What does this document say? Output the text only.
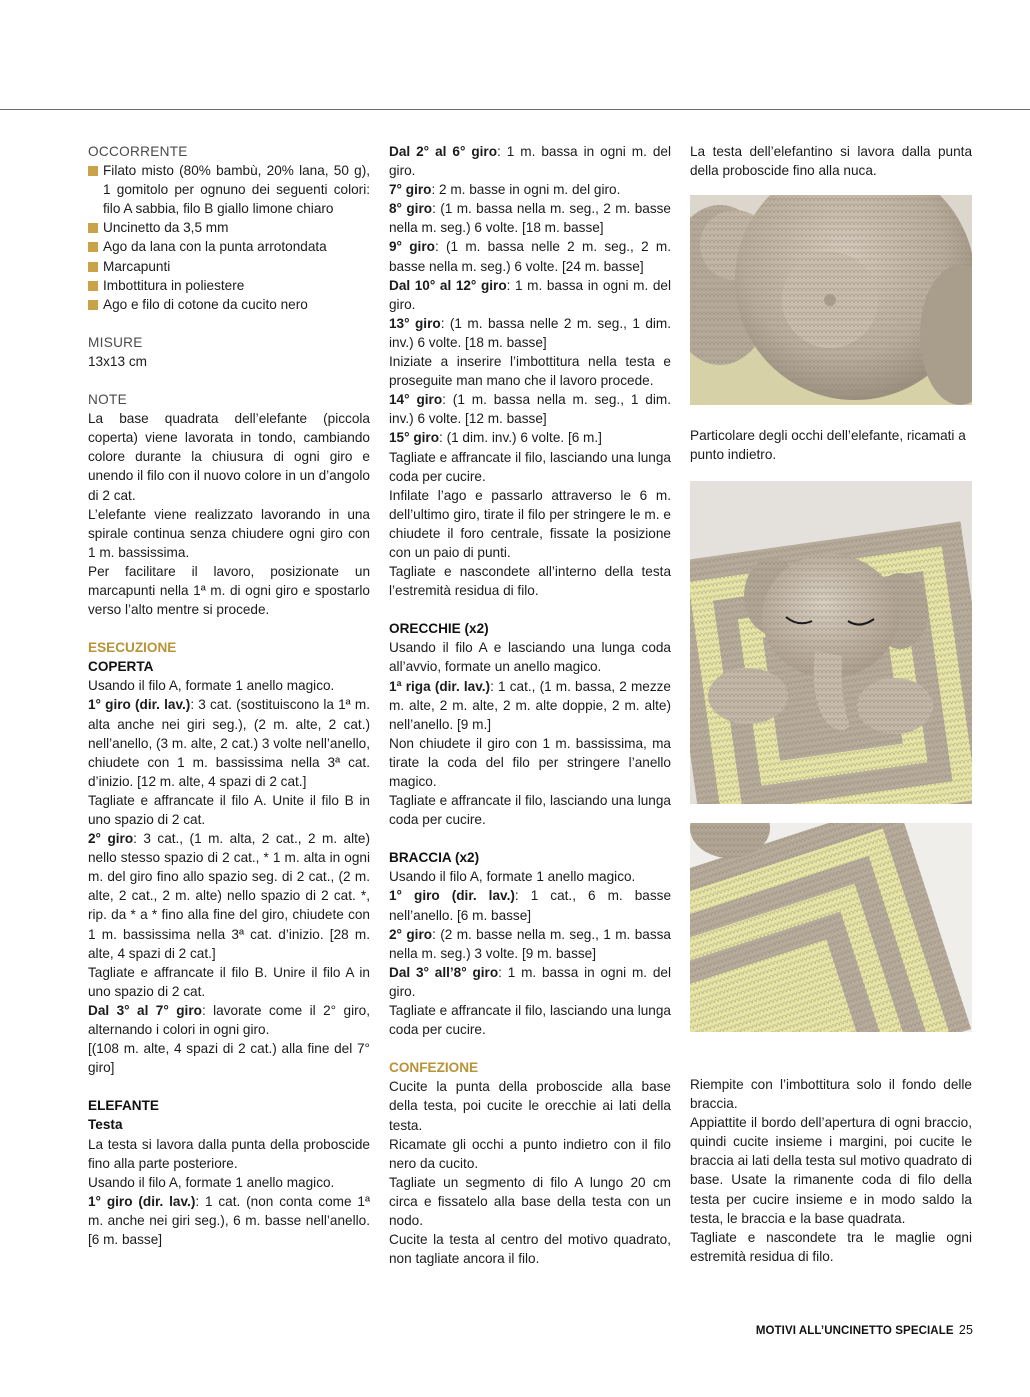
OCCORRENTE
Filato misto (80% bambù, 20% lana, 50 g), 1 gomitolo per ognuno dei seguenti colori: filo A sabbia, filo B giallo limone chiaro
Uncinetto da 3,5 mm
Ago da lana con la punta arrotondata
Marcapunti
Imbottitura in poliestere
Ago e filo di cotone da cucito nero
MISURE
13x13 cm
NOTE
La base quadrata dell’elefante (piccola coperta) viene lavorata in tondo, cambiando colore durante la chiusura di ogni giro e unendo il filo con il nuovo colore in un d’angolo di 2 cat.
L’elefante viene realizzato lavorando in una spirale continua senza chiudere ogni giro con 1 m. bassissima.
Per facilitare il lavoro, posizionate un marcapunti nella 1ª m. di ogni giro e spostarlo verso l’alto mentre si procede.
ESECUZIONE
COPERTA
Usando il filo A, formate 1 anello magico.
1° giro (dir. lav.): 3 cat. (sostituiscono la 1ª m. alta anche nei giri seg.), (2 m. alte, 2 cat.) nell’anello, (3 m. alte, 2 cat.) 3 volte nell’anello, chiudete con 1 m. bassissima nella 3ª cat. d’inizio. [12 m. alte, 4 spazi di 2 cat.]
Tagliate e affrancate il filo A. Unite il filo B in uno spazio di 2 cat.
2° giro: 3 cat., (1 m. alta, 2 cat., 2 m. alte) nello stesso spazio di 2 cat., * 1 m. alta in ogni m. del giro fino allo spazio seg. di 2 cat., (2 m. alte, 2 cat., 2 m. alte) nello spazio di 2 cat. *, rip. da * a * fino alla fine del giro, chiudete con 1 m. bassissima nella 3ª cat. d’inizio. [28 m. alte, 4 spazi di 2 cat.]
Tagliate e affrancate il filo B. Unire il filo A in uno spazio di 2 cat.
Dal 3° al 7° giro: lavorate come il 2° giro, alternando i colori in ogni giro.
[(108 m. alte, 4 spazi di 2 cat.) alla fine del 7° giro]
ELEFANTE
Testa
La testa si lavora dalla punta della proboscide fino alla parte posteriore.
Usando il filo A, formate 1 anello magico.
1° giro (dir. lav.): 1 cat. (non conta come 1ª m. anche nei giri seg.), 6 m. basse nell’anello. [6 m. basse]
Dal 2° al 6° giro: 1 m. bassa in ogni m. del giro.
7° giro: 2 m. basse in ogni m. del giro.
8° giro: (1 m. bassa nella m. seg., 2 m. basse nella m. seg.) 6 volte. [18 m. basse]
9° giro: (1 m. bassa nelle 2 m. seg., 2 m. basse nella m. seg.) 6 volte. [24 m. basse]
Dal 10° al 12° giro: 1 m. bassa in ogni m. del giro.
13° giro: (1 m. bassa nelle 2 m. seg., 1 dim. inv.) 6 volte. [18 m. basse]
Iniziate a inserire l’imbottitura nella testa e proseguite man mano che il lavoro procede.
14° giro: (1 m. bassa nella m. seg., 1 dim. inv.) 6 volte. [12 m. basse]
15° giro: (1 dim. inv.) 6 volte. [6 m.]
Tagliate e affrancate il filo, lasciando una lunga coda per cucire.
Infilate l’ago e passarlo attraverso le 6 m. dell’ultimo giro, tirate il filo per stringere le m. e chiudete il foro centrale, fissate la posizione con un paio di punti.
Tagliate e nascondete all’interno della testa l’estremità residua di filo.
ORECCHIE (x2)
Usando il filo A e lasciando una lunga coda all’avvio, formate un anello magico.
1ª riga (dir. lav.): 1 cat., (1 m. bassa, 2 mezze m. alte, 2 m. alte, 2 m. alte doppie, 2 m. alte) nell’anello. [9 m.]
Non chiudete il giro con 1 m. bassissima, ma tirate la coda del filo per stringere l’anello magico.
Tagliate e affrancate il filo, lasciando una lunga coda per cucire.
BRACCIA (x2)
Usando il filo A, formate 1 anello magico.
1° giro (dir. lav.): 1 cat., 6 m. basse nell’anello. [6 m. basse]
2° giro: (2 m. basse nella m. seg., 1 m. bassa nella m. seg.) 3 volte. [9 m. basse]
Dal 3° all’8° giro: 1 m. bassa in ogni m. del giro.
Tagliate e affrancate il filo, lasciando una lunga coda per cucire.
CONFEZIONE
Cucite la punta della proboscide alla base della testa, poi cucite le orecchie ai lati della testa.
Ricamate gli occhi a punto indietro con il filo nero da cucito.
Tagliate un segmento di filo A lungo 20 cm circa e fissatelo alla base della testa con un nodo.
Cucite la testa al centro del motivo quadrato, non tagliate ancora il filo.
La testa dell’elefantino si lavora dalla punta della proboscide fino alla nuca.
Particolare degli occhi dell’elefante, ricamati a punto indietro.
Riempite con l’imbottitura solo il fondo delle braccia.
Appiattite il bordo dell’apertura di ogni braccio, quindi cucite insieme i margini, poi cucite le braccia ai lati della testa sul motivo quadrato di base. Usate la rimanente coda di filo della testa per cucire insieme e in modo saldo la testa, le braccia e la base quadrata.
Tagliate e nascondete tra le maglie ogni estremità residua di filo.
MOTIVI ALL’UNCINETTO SPECIALE 25
